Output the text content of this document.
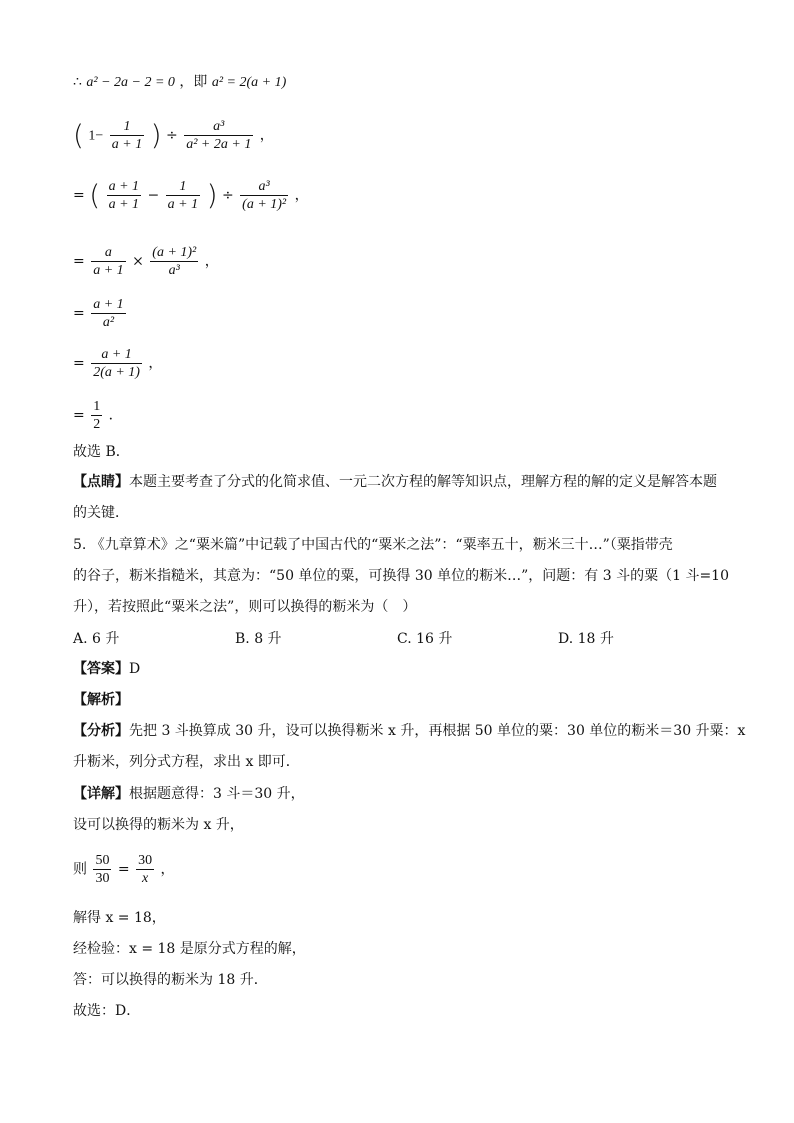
∴ a² − 2a − 2 = 0 ，即 a² = 2(a + 1)
( $1- \frac{1}{a + 1}$ ) ÷ $\frac{\text{a³}}{\text{a² + 2a + 1}}$ ，
= ( $\frac{a + 1}{a + 1} - \frac{1}{a + 1}$ ) ÷ $\frac{\text{a³}}{\text{(a + 1)²}}$ ，
= $\frac{a}{a + 1} \times \frac{\text{(a + 1)²}}{\text{a³}}$ ，
= $\frac{a + 1}{\text{a²}}$
= $\frac{a + 1}{2(a + 1)}$ ，
= $\frac{1}{2}$ ．
故选 B．
【点睛】本题主要考查了分式的化简求值、一元二次方程的解等知识点，理解方程的解的定义是解答本题
的关键．
5. 《九章算术》之“粟米篇”中记载了中国古代的“粟米之法”：“粟率五十，粝米三十…”（粟指带壳
的谷子，粝米指糙米，其意为：“50 单位的粟，可换得 30 单位的粝米…”，问题：有 3 斗的粟（1 斗=10
升），若按照此“粟米之法”，则可以换得的粝米为（　）
A. 6 升	B. 8 升	C. 16 升	D. 18 升
【答案】D
【解析】
【分析】先把 3 斗换算成 30 升，设可以换得粝米 x 升，再根据 50 单位的粟：30 单位的粝米＝30 升粟：x
升粝米，列分式方程，求出 x 即可．
【详解】根据题意得：3 斗＝30 升，
设可以换得的粝米为 x 升，
则 $\frac{50}{30} = \frac{30}{x}$ ，
解得 x = 18，
经检验：x = 18 是原分式方程的解，
答：可以换得的粝米为 18 升．
故选：D．
